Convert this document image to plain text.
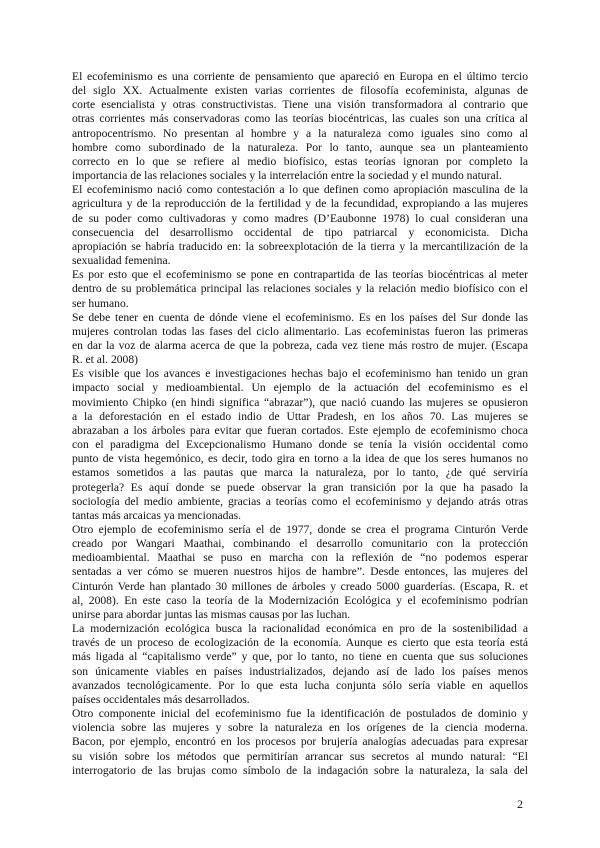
El ecofeminismo es una corriente de pensamiento que apareció en Europa en el último tercio
del siglo XX. Actualmente existen varias corrientes de filosofía ecofeminista, algunas de
corte esencialista y otras constructivistas. Tiene una visión transformadora al contrario que
otras corrientes más conservadoras como las teorías biocéntricas, las cuales son una crítica al
antropocentrismo. No presentan al hombre y a la naturaleza como iguales sino como al
hombre como subordinado de la naturaleza. Por lo tanto, aunque sea un planteamiento
correcto en lo que se refiere al medio biofísico, estas teorías ignoran por completo la
importancia de las relaciones sociales y la interrelación entre la sociedad y el mundo natural.
El ecofeminismo nació como contestación a lo que definen como apropiación masculina de la
agricultura y de la reproducción de la fertilidad y de la fecundidad, expropiando a las mujeres
de su poder como cultivadoras y como madres (D’Eaubonne 1978) lo cual consideran una
consecuencia del desarrollismo occidental de tipo patriarcal y economicista. Dicha
apropiación se habría traducido en: la sobreexplotación de la tierra y la mercantilización de la
sexualidad femenina.
Es por esto que el ecofeminismo se pone en contrapartida de las teorías biocéntricas al meter
dentro de su problemática principal las relaciones sociales y la relación medio biofísico con el
ser humano.
Se debe tener en cuenta de dónde viene el ecofeminismo. Es en los países del Sur donde las
mujeres controlan todas las fases del ciclo alimentario. Las ecofeministas fueron las primeras
en dar la voz de alarma acerca de que la pobreza, cada vez tiene más rostro de mujer. (Escapa
R. et al. 2008)
Es visible que los avances e investigaciones hechas bajo el ecofeminismo han tenido un gran
impacto social y medioambiental. Un ejemplo de la actuación del ecofeminismo es el
movimiento Chipko (en hindi significa “abrazar”), que nació cuando las mujeres se opusieron
a la deforestación en el estado indio de Uttar Pradesh, en los años 70. Las mujeres se
abrazaban a los árboles para evitar que fueran cortados. Este ejemplo de ecofeminismo choca
con el paradigma del Excepcionalismo Humano donde se tenía la visión occidental como
punto de vista hegemónico, es decir, todo gira en torno a la idea de que los seres humanos no
estamos sometidos a las pautas que marca la naturaleza, por lo tanto, ¿de qué serviría
protegerla? Es aquí donde se puede observar la gran transición por la que ha pasado la
sociología del medio ambiente, gracias a teorías como el ecofeminismo y dejando atrás otras
tantas más arcaicas ya mencionadas.
Otro ejemplo de ecofeminismo sería el de 1977, donde se crea el programa Cinturón Verde
creado por Wangari Maathai, combinando el desarrollo comunitario con la protección
medioambiental. Maathai se puso en marcha con la reflexión de “no podemos esperar
sentadas a ver cómo se mueren nuestros hijos de hambre”. Desde entonces, las mujeres del
Cinturón Verde han plantado 30 millones de árboles y creado 5000 guarderías. (Escapa, R. et
al, 2008). En este caso la teoría de la Modernización Ecológica y el ecofeminismo podrían
unirse para abordar juntas las mismas causas por las luchan.
La modernización ecológica busca la racionalidad económica en pro de la sostenibilidad a
través de un proceso de ecologización de la economía. Aunque es cierto que esta teoría está
más ligada al “capitalismo verde” y que, por lo tanto, no tiene en cuenta que sus soluciones
son únicamente viables en países industrializados, dejando así de lado los países menos
avanzados tecnológicamente. Por lo que esta lucha conjunta sólo sería viable en aquellos
países occidentales más desarrollados.
Otro componente inicial del ecofeminismo fue la identificación de postulados de dominio y
violencia sobre las mujeres y sobre la naturaleza en los orígenes de la ciencia moderna.
Bacon, por ejemplo, encontró en los procesos por brujería analogías adecuadas para expresar
su visión sobre los métodos que permitirían arrancar sus secretos al mundo natural: “El
interrogatorio de las brujas como símbolo de la indagación sobre la naturaleza, la sala del
2
